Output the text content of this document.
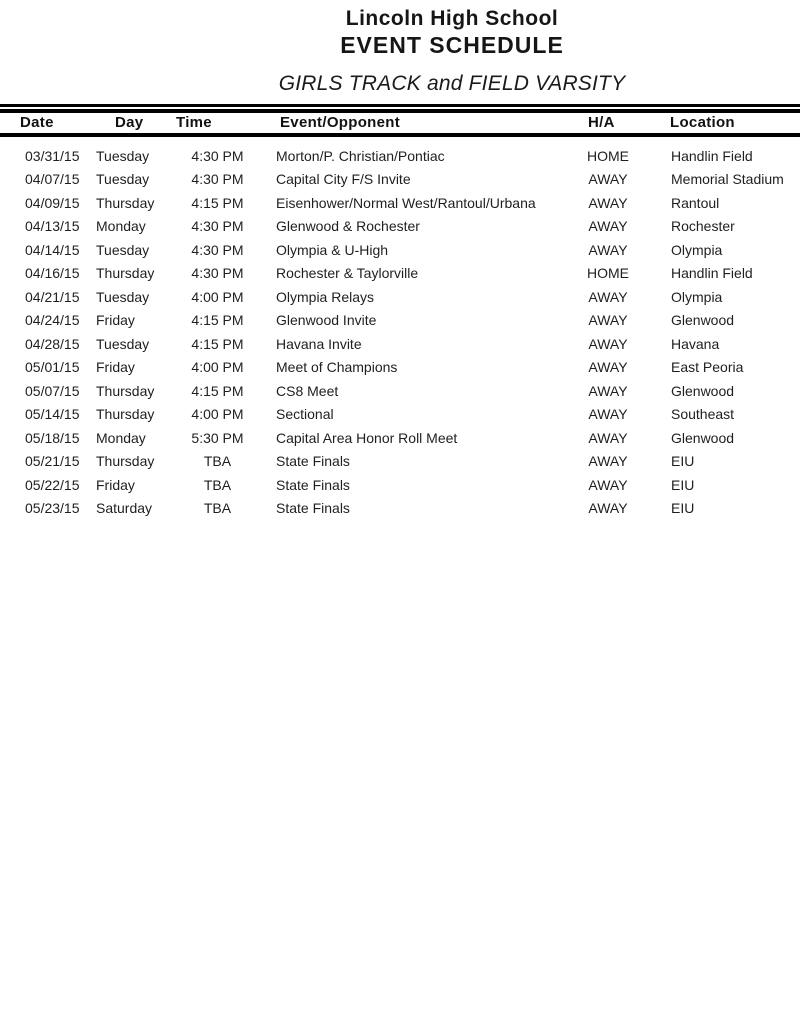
Lincoln High School
EVENT SCHEDULE
GIRLS TRACK and FIELD VARSITY
Date	Day Time	Event/Opponent	H/A	Location
03/31/15	Tuesday	4:30 PM	Morton/P. Christian/Pontiac	HOME	Handlin Field
04/07/15	Tuesday	4:30 PM	Capital City F/S Invite	AWAY	Memorial Stadium
04/09/15	Thursday	4:15 PM	Eisenhower/Normal West/Rantoul/Urbana	AWAY	Rantoul
04/13/15	Monday	4:30 PM	Glenwood & Rochester	AWAY	Rochester
04/14/15	Tuesday	4:30 PM	Olympia & U-High	AWAY	Olympia
04/16/15	Thursday	4:30 PM	Rochester & Taylorville	HOME	Handlin Field
04/21/15	Tuesday	4:00 PM	Olympia Relays	AWAY	Olympia
04/24/15	Friday	4:15 PM	Glenwood Invite	AWAY	Glenwood
04/28/15	Tuesday	4:15 PM	Havana Invite	AWAY	Havana
05/01/15	Friday	4:00 PM	Meet of Champions	AWAY	East Peoria
05/07/15	Thursday	4:15 PM	CS8 Meet	AWAY	Glenwood
05/14/15	Thursday	4:00 PM	Sectional	AWAY	Southeast
05/18/15	Monday	5:30 PM	Capital Area Honor Roll Meet	AWAY	Glenwood
05/21/15	Thursday	TBA	State Finals	AWAY	EIU
05/22/15	Friday	TBA	State Finals	AWAY	EIU
05/23/15	Saturday	TBA	State Finals	AWAY	EIU
